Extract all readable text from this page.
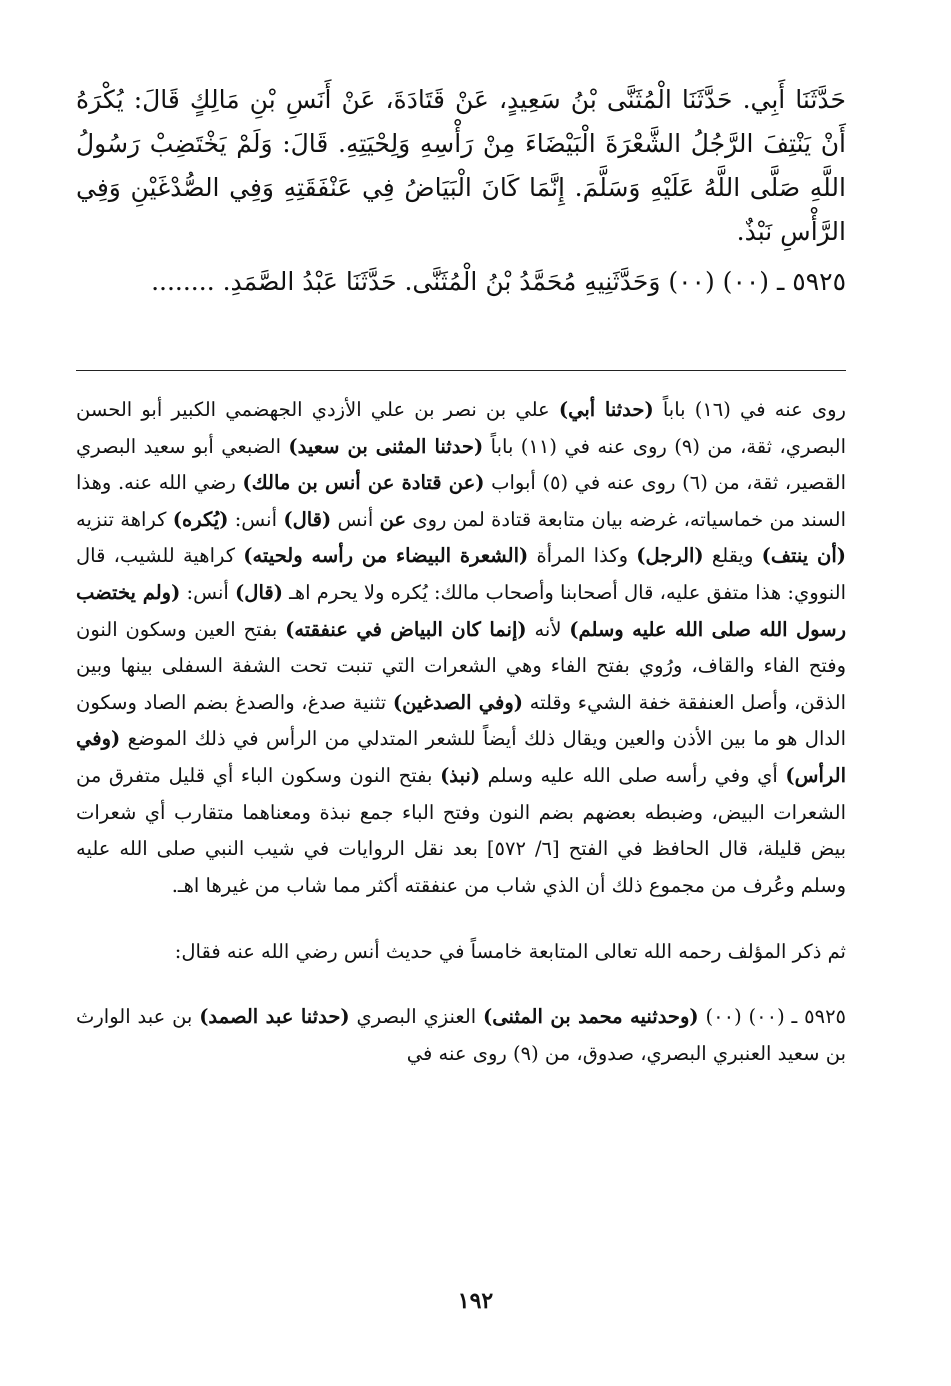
حَدَّثَنَا أَبِي. حَدَّثَنَا الْمُثَنَّى بْنُ سَعِيدٍ، عَنْ قَتَادَةَ، عَنْ أَنَسِ بْنِ مَالِكٍ قَالَ: يُكْرَهُ أَنْ يَنْتِفَ الرَّجُلُ الشَّعْرَةَ الْبَيْضَاءَ مِنْ رَأْسِهِ وَلِحْيَتِهِ. قَالَ: وَلَمْ يَخْتَضِبْ رَسُولُ اللَّهِ صَلَّى اللَّهُ عَلَيْهِ وَسَلَّمَ. إِنَّمَا كَانَ الْبَيَاضُ فِي عَنْفَقَتِهِ وَفِي الصُّدْغَيْنِ وَفِي الرَّأْسِ نَبْذٌ.

٥٩٢٥ ـ (٠٠) (٠٠) وَحَدَّثَنِيهِ مُحَمَّدُ بْنُ الْمُثَنَّى. حَدَّثَنَا عَبْدُ الصَّمَدِ. ........

روى عنه في (١٦) باباً (حدثنا أبي) علي بن نصر بن علي الأزدي الجهضمي الكبير أبو الحسن البصري، ثقة، من (٩) روى عنه في (١١) باباً (حدثنا المثنى بن سعيد) الضبعي أبو سعيد البصري القصير، ثقة، من (٦) روى عنه في (٥) أبواب (عن قتادة عن أنس بن مالك) رضي الله عنه. وهذا السند من خماسياته، غرضه بيان متابعة قتادة لمن روى عن أنس (قال) أنس: (يُكره) كراهة تنزيه (أن ينتف) ويقلع (الرجل) وكذا المرأة (الشعرة البيضاء من رأسه ولحيته) كراهية للشيب، قال النووي: هذا متفق عليه، قال أصحابنا وأصحاب مالك: يُكره ولا يحرم اهـ (قال) أنس: (ولم يختضب رسول الله صلى الله عليه وسلم) لأنه (إنما كان البياض في عنفقته) بفتح العين وسكون النون وفتح الفاء والقاف، ورُوي بفتح الفاء وهي الشعرات التي تنبت تحت الشفة السفلى بينها وبين الذقن، وأصل العنفقة خفة الشيء وقلته (وفي الصدغين) تثنية صدغ، والصدغ بضم الصاد وسكون الدال هو ما بين الأذن والعين ويقال ذلك أيضاً للشعر المتدلي من الرأس في ذلك الموضع (وفي الرأس) أي وفي رأسه صلى الله عليه وسلم (نبذ) بفتح النون وسكون الباء أي قليل متفرق من الشعرات البيض، وضبطه بعضهم بضم النون وفتح الباء جمع نبذة ومعناهما متقارب أي شعرات بيض قليلة، قال الحافظ في الفتح [٦/ ٥٧٢] بعد نقل الروايات في شيب النبي صلى الله عليه وسلم وعُرف من مجموع ذلك أن الذي شاب من عنفقته أكثر مما شاب من غيرها اهـ.

ثم ذكر المؤلف رحمه الله تعالى المتابعة خامساً في حديث أنس رضي الله عنه فقال:

٥٩٢٥ ـ (٠٠) (٠٠) (وحدثنيه محمد بن المثنى) العنزي البصري (حدثنا عبد الصمد) بن عبد الوارث بن سعيد العنبري البصري، صدوق، من (٩) روى عنه في

١٩٢
